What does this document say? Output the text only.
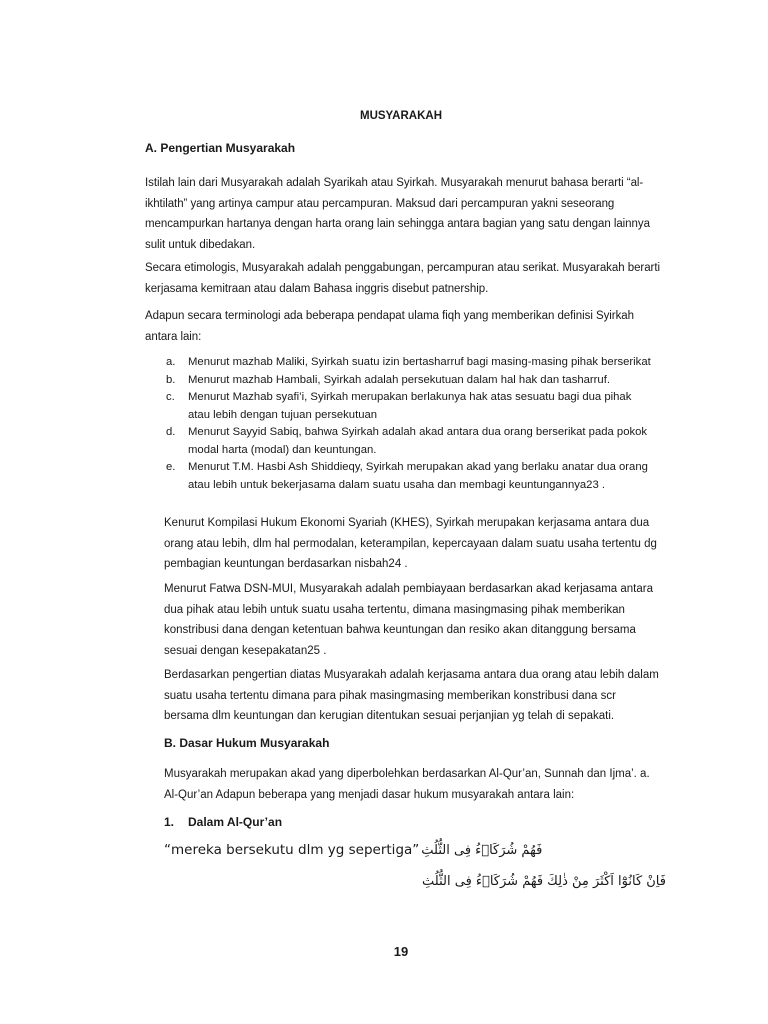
MUSYARAKAH
A. Pengertian Musyarakah
Istilah lain dari Musyarakah adalah Syarikah atau Syirkah. Musyarakah menurut bahasa berarti “al-
ikhtilath” yang artinya campur atau percampuran. Maksud dari percampuran yakni seseorang
mencampurkan hartanya dengan harta orang lain sehingga antara bagian yang satu dengan lainnya
sulit untuk dibedakan.
Secara etimologis, Musyarakah adalah penggabungan, percampuran atau serikat. Musyarakah berarti
kerjasama kemitraan atau dalam Bahasa inggris disebut patnership.
Adapun secara terminologi ada beberapa pendapat ulama fiqh yang memberikan definisi Syirkah
antara lain:
a. Menurut mazhab Maliki, Syirkah suatu izin bertasharruf bagi masing-masing pihak berserikat
b. Menurut mazhab Hambali, Syirkah adalah persekutuan dalam hal hak dan tasharruf.
c. Menurut Mazhab syafi’i, Syirkah merupakan berlakunya hak atas sesuatu bagi dua pihak
atau lebih dengan tujuan persekutuan
d. Menurut Sayyid Sabiq, bahwa Syirkah adalah akad antara dua orang berserikat pada pokok
modal harta (modal) dan keuntungan.
e. Menurut T.M. Hasbi Ash Shiddieqy, Syirkah merupakan akad yang berlaku anatar dua orang
atau lebih untuk bekerjasama dalam suatu usaha dan membagi keuntungannya23 .
Kenurut Kompilasi Hukum Ekonomi Syariah (KHES), Syirkah merupakan kerjasama antara dua
orang atau lebih, dlm hal permodalan, keterampilan, kepercayaan dalam suatu usaha tertentu dg
pembagian keuntungan berdasarkan nisbah24 .
Menurut Fatwa DSN-MUI, Musyarakah adalah pembiayaan berdasarkan akad kerjasama antara
dua pihak atau lebih untuk suatu usaha tertentu, dimana masingmasing pihak memberikan
konstribusi dana dengan ketentuan bahwa keuntungan dan resiko akan ditanggung bersama
sesuai dengan kesepakatan25 .
Berdasarkan pengertian diatas Musyarakah adalah kerjasama antara dua orang atau lebih dalam
suatu usaha tertentu dimana para pihak masingmasing memberikan konstribusi dana scr
bersama dlm keuntungan dan kerugian ditentukan sesuai perjanjian yg telah di sepakati.
B. Dasar Hukum Musyarakah
Musyarakah merupakan akad yang diperbolehkan berdasarkan Al-Qur’an, Sunnah dan Ijma’. a.
Al-Qur’an Adapun beberapa yang menjadi dasar hukum musyarakah antara lain:
1. Dalam Al-Qur’an
“mereka bersekutu dlm yg sepertiga” فَهُمْ شُرَكَاۤءُ فِى الثُّلُثِ
فَاِنْ كَانُوْٓا اَكْثَرَ مِنْ ذٰلِكَ فَهُمْ شُرَكَاۤءُ فِى الثُّلُثِ
19
